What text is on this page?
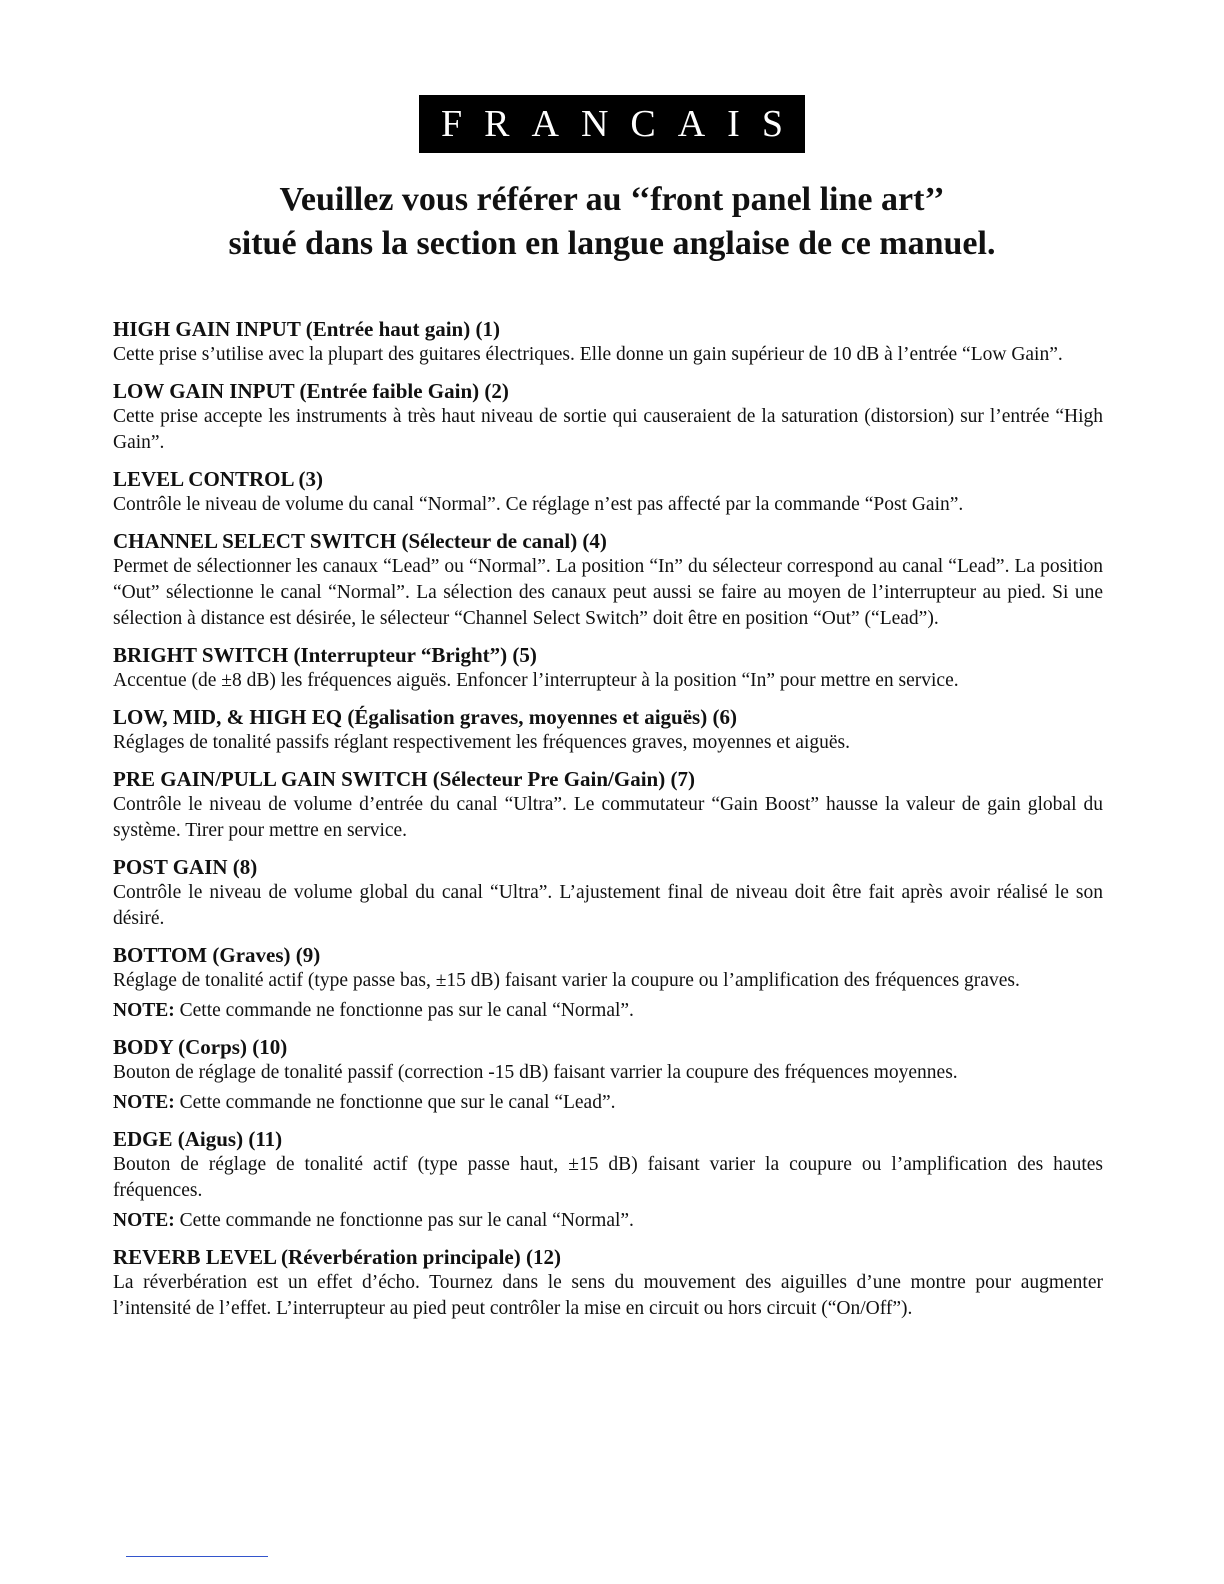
FRANCAIS
Veuillez vous référer au ‘‘front panel line art’’
situé dans la section en langue anglaise de ce manuel.
HIGH GAIN INPUT (Entrée haut gain) (1)
Cette prise s’utilise avec la plupart des guitares électriques. Elle donne un gain supérieur de 10 dB à l’entrée “Low Gain”.
LOW GAIN INPUT (Entrée faible Gain) (2)
Cette prise accepte les instruments à très haut niveau de sortie qui causeraient de la saturation (distorsion) sur l’entrée “High Gain”.
LEVEL CONTROL (3)
Contrôle le niveau de volume du canal “Normal”. Ce réglage n’est pas affecté par la commande “Post Gain”.
CHANNEL SELECT SWITCH (Sélecteur de canal) (4)
Permet de sélectionner les canaux “Lead” ou “Normal”. La position “In” du sélecteur correspond au canal “Lead”. La position “Out” sélectionne le canal “Normal”. La sélection des canaux peut aussi se faire au moyen de l’interrupteur au pied. Si une sélection à distance est désirée, le sélecteur “Channel Select Switch” doit être en position “Out” (“Lead”).
BRIGHT SWITCH (Interrupteur “Bright”) (5)
Accentue (de ±8 dB) les fréquences aiguës. Enfoncer l’interrupteur à la position “In” pour mettre en service.
LOW, MID, & HIGH EQ (Égalisation graves, moyennes et aiguës) (6)
Réglages de tonalité passifs réglant respectivement les fréquences graves, moyennes et aiguës.
PRE GAIN/PULL GAIN SWITCH (Sélecteur Pre Gain/Gain) (7)
Contrôle le niveau de volume d’entrée du canal “Ultra”. Le commutateur “Gain Boost” hausse la valeur de gain global du système. Tirer pour mettre en service.
POST GAIN (8)
Contrôle le niveau de volume global du canal “Ultra”. L’ajustement final de niveau doit être fait après avoir réalisé le son désiré.
BOTTOM (Graves) (9)
Réglage de tonalité actif (type passe bas, ±15 dB) faisant varier la coupure ou l’amplification des fréquences graves.
NOTE: Cette commande ne fonctionne pas sur le canal “Normal”.
BODY (Corps) (10)
Bouton de réglage de tonalité passif (correction -15 dB) faisant varrier la coupure des fréquences moyennes.
NOTE: Cette commande ne fonctionne que sur le canal “Lead”.
EDGE (Aigus) (11)
Bouton de réglage de tonalité actif (type passe haut, ±15 dB) faisant varier la coupure ou l’amplification des hautes fréquences.
NOTE: Cette commande ne fonctionne pas sur le canal “Normal”.
REVERB LEVEL (Réverbération principale) (12)
La réverbération est un effet d’écho. Tournez dans le sens du mouvement des aiguilles d’une montre pour augmenter l’intensité de l’effet. L’interrupteur au pied peut contrôler la mise en circuit ou hors circuit (“On/Off”).
